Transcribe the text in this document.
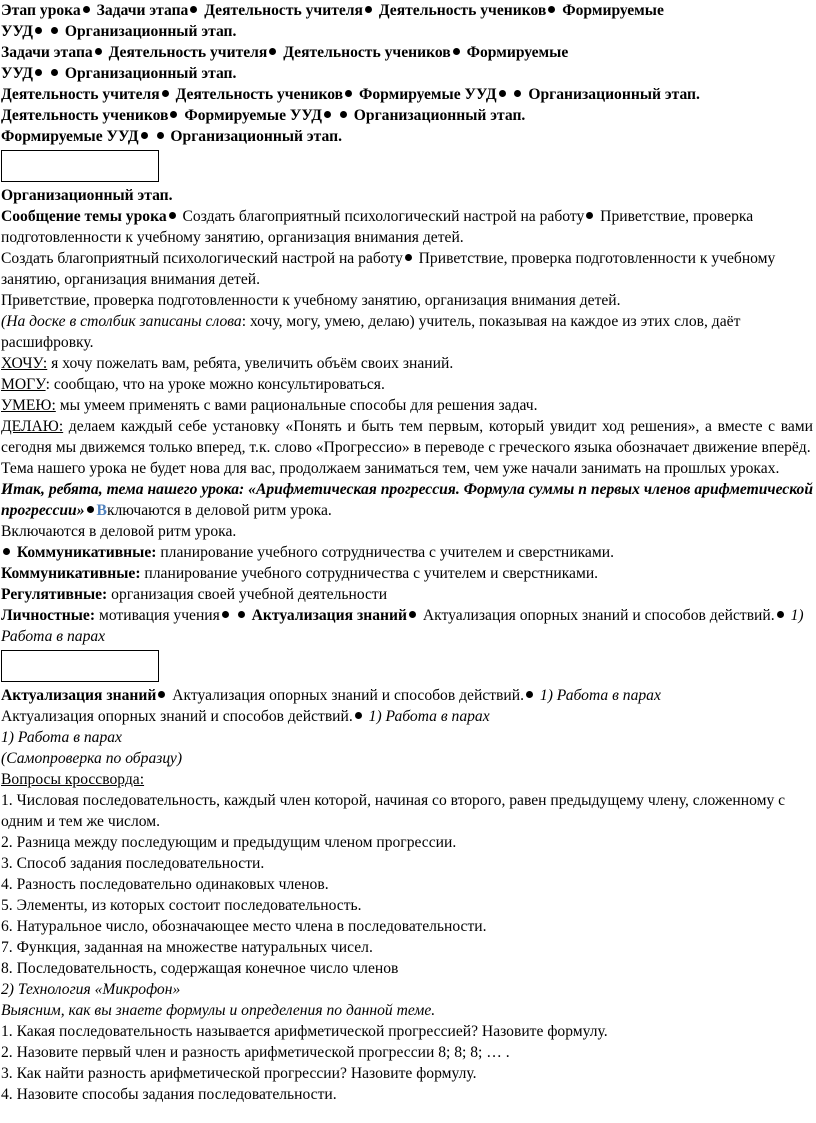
Этап урока Задачи этапа Деятельность учителя Деятельность учеников Формируемые
УУД Организационный этап.
Задачи этапа Деятельность учителя Деятельность учеников Формируемые
УУД Организационный этап.
Деятельность учителя Деятельность учеников Формируемые УУД Организационный этап.
Деятельность учеников Формируемые УУД Организационный этап.
Формируемые УУД Организационный этап.
Организационный этап.
Сообщение темы урока Создать благоприятный психологический настрой на работу Приветствие, проверка подготовленности к учебному занятию, организация внимания детей.
Создать благоприятный психологический настрой на работу Приветствие, проверка подготовленности к учебному занятию, организация внимания детей.
Приветствие, проверка подготовленности к учебному занятию, организация внимания детей.
(На доске в столбик записаны слова: хочу, могу, умею, делаю) учитель, показывая на каждое из этих слов, даёт расшифровку.
ХОЧУ: я хочу пожелать вам, ребята, увеличить объём своих знаний.
МОГУ: сообщаю, что на уроке можно консультироваться.
УМЕЮ: мы умеем применять с вами рациональные способы для решения задач.
ДЕЛАЮ: делаем каждый себе установку «Понять и быть тем первым, который увидит ход решения», а вместе с вами сегодня мы движемся только вперед, т.к. слово «Прогрессио» в переводе с греческого языка обозначает движение вперёд.
Тема нашего урока не будет нова для вас, продолжаем заниматься тем, чем уже начали занимать на прошлых уроках.
Итак, ребята, тема нашего урока: «Арифметическая прогрессия. Формула суммы n первых членов арифметической прогрессии» Включаются в деловой ритм урока.
Включаются в деловой ритм урока.
Коммуникативные: планирование учебного сотрудничества с учителем и сверстниками.
Коммуникативные: планирование учебного сотрудничества с учителем и сверстниками.
Регулятивные: организация своей учебной деятельности
Личностные: мотивация учения Актуализация знаний Актуализация опорных знаний и способов действий. 1) Работа в парах
Актуализация знаний Актуализация опорных знаний и способов действий. 1) Работа в парах
Актуализация опорных знаний и способов действий. 1) Работа в парах
1) Работа в парах
(Самопроверка по образцу)
Вопросы кроссворда:
1. Числовая последовательность, каждый член которой, начиная со второго, равен предыдущему члену, сложенному с одним и тем же числом.
2. Разница между последующим и предыдущим членом прогрессии.
3. Способ задания последовательности.
4. Разность последовательно одинаковых членов.
5. Элементы, из которых состоит последовательность.
6. Натуральное число, обозначающее место члена в последовательности.
7. Функция, заданная на множестве натуральных чисел.
8. Последовательность, содержащая конечное число членов
2) Технология «Микрофон»
Выясним, как вы знаете формулы и определения по данной теме.
1. Какая последовательность называется арифметической прогрессией? Назовите формулу.
2. Назовите первый член и разность арифметической прогрессии 8; 8; 8; … .
3. Как найти разность арифметической прогрессии? Назовите формулу.
4. Назовите способы задания последовательности.
